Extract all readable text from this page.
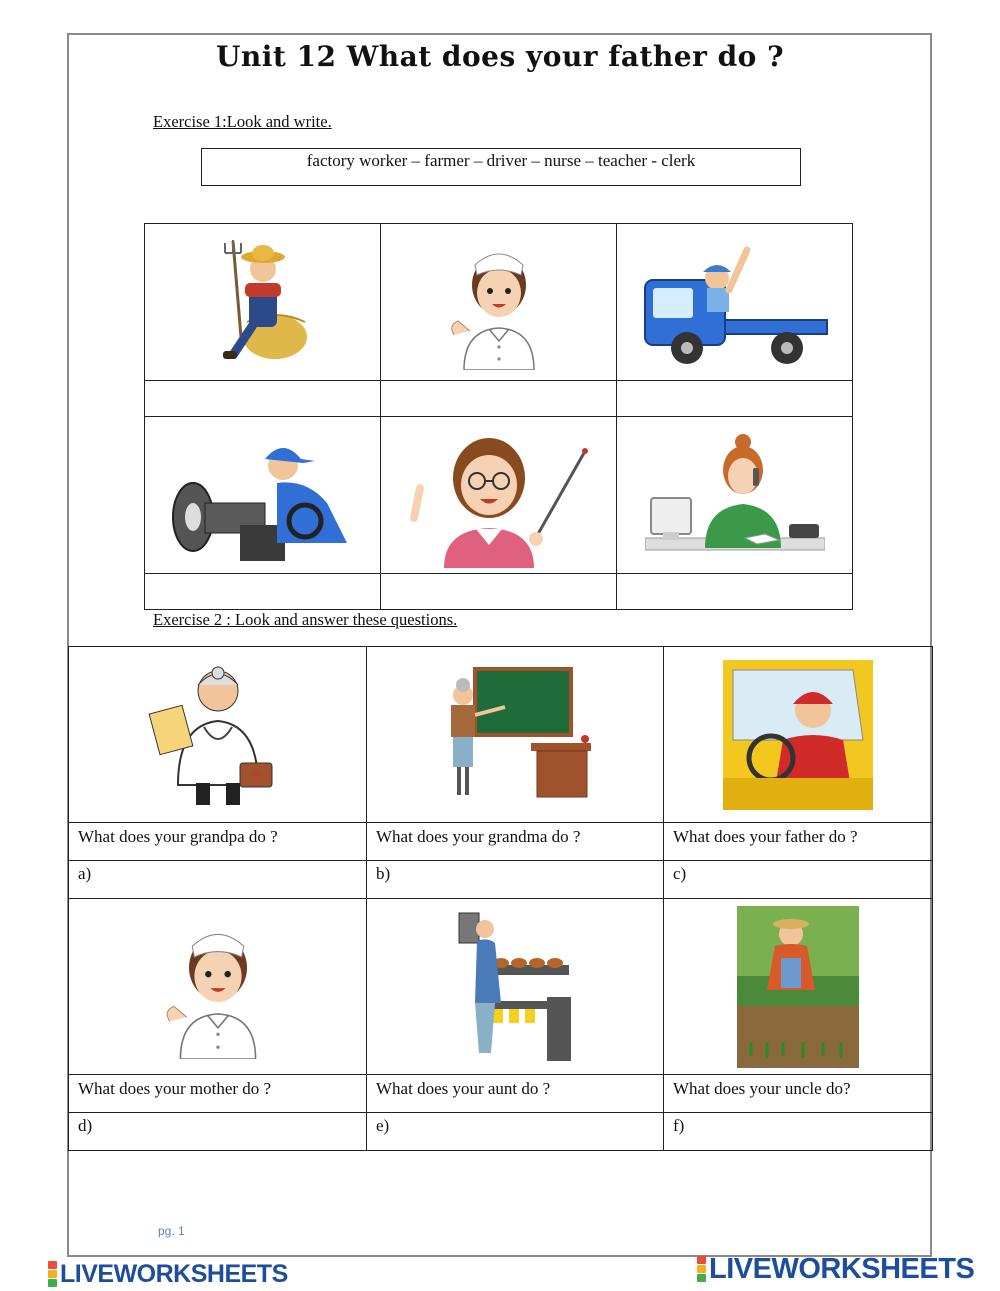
Unit 12 What does your father do ?
Exercise 1:Look and write.
factory worker – farmer – driver – nurse – teacher - clerk

Exercise 2 : Look and answer these questions.

What does your grandpa do ?	What does your grandma do ?	What does your father do ?
a)	b)	c)

What does your mother do ?	What does your aunt do ?	What does your uncle do?
d)	e)	f)
pg. 1
LIVEWORKSHEETS	LIVEWORKSHEETS
